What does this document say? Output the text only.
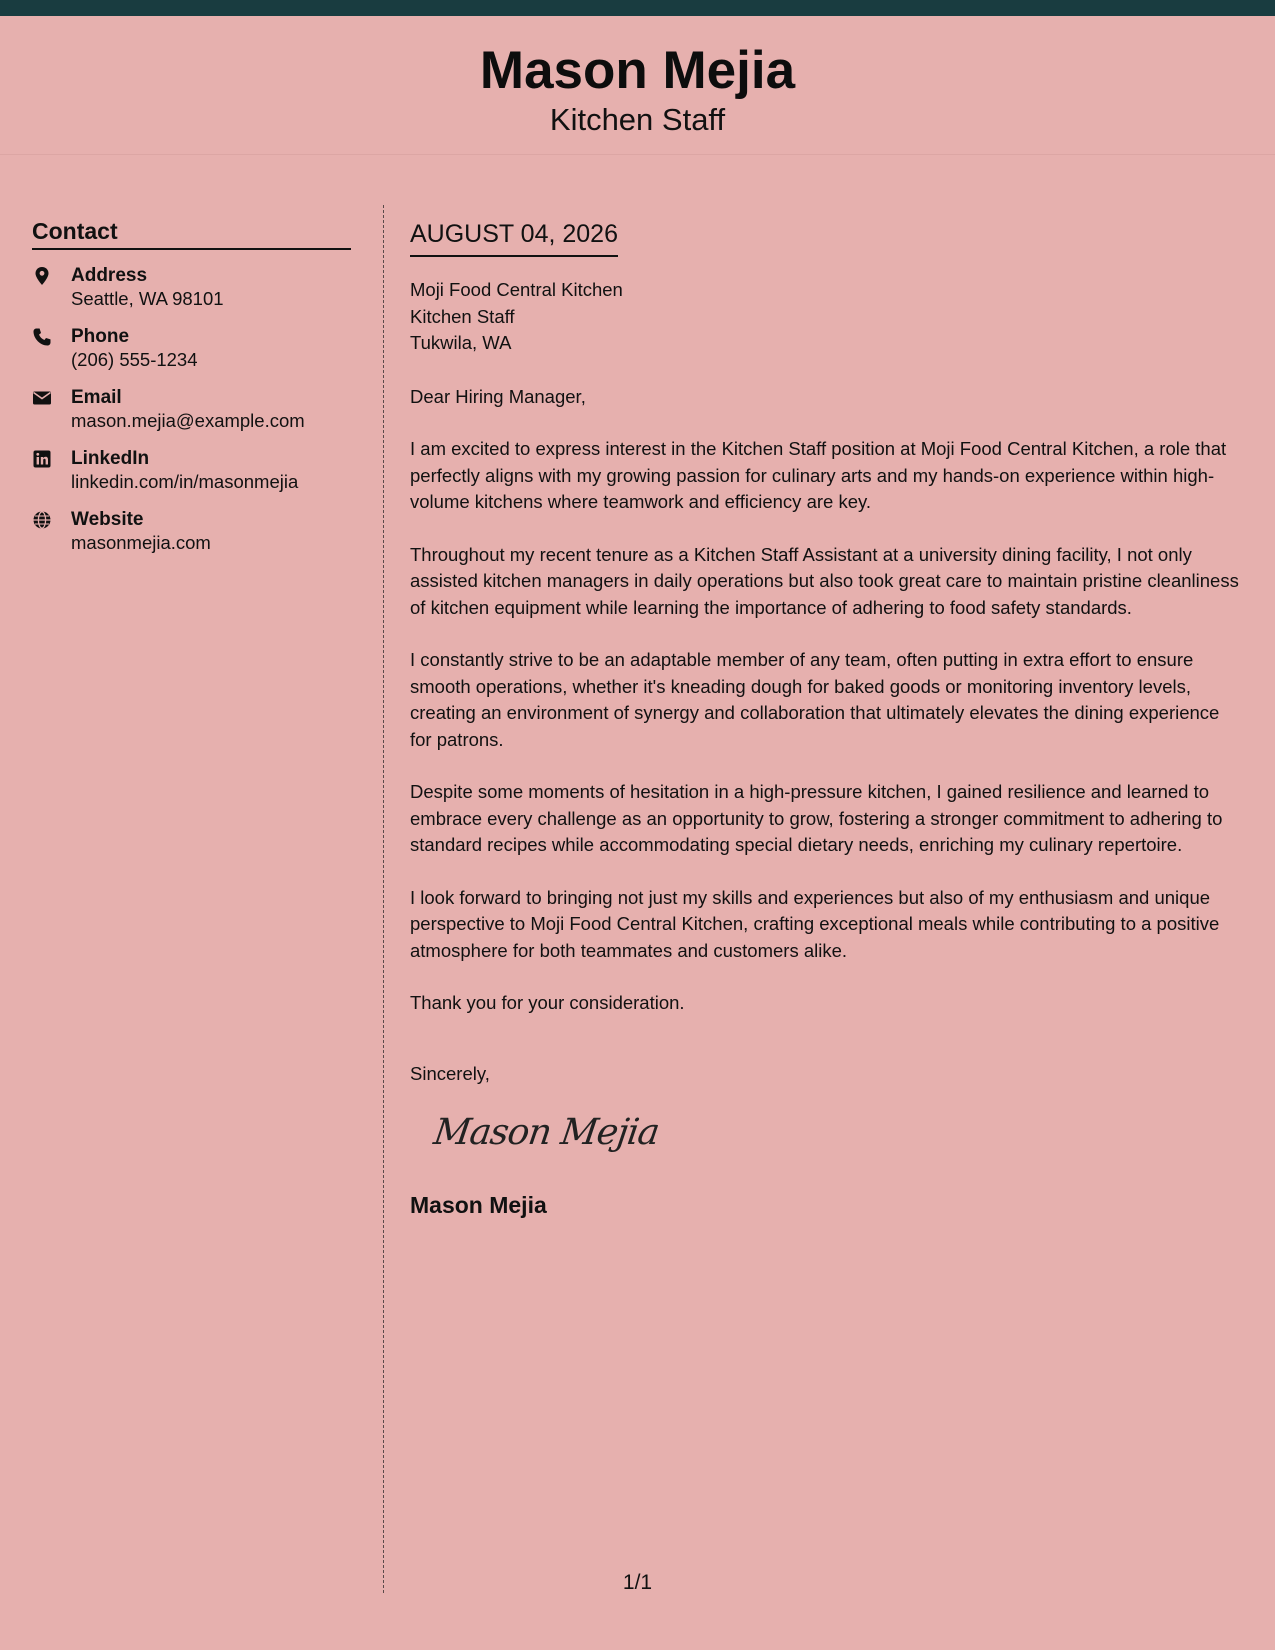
Mason Mejia
Kitchen Staff
Contact
Address
Seattle, WA 98101
Phone
(206) 555-1234
Email
mason.mejia@example.com
LinkedIn
linkedin.com/in/masonmejia
Website
masonmejia.com
AUGUST 04, 2026
Moji Food Central Kitchen
Kitchen Staff
Tukwila, WA

Dear Hiring Manager,

I am excited to express interest in the Kitchen Staff position at Moji Food Central Kitchen, a role that perfectly aligns with my growing passion for culinary arts and my hands-on experience within high-volume kitchens where teamwork and efficiency are key.

Throughout my recent tenure as a Kitchen Staff Assistant at a university dining facility, I not only assisted kitchen managers in daily operations but also took great care to maintain pristine cleanliness of kitchen equipment while learning the importance of adhering to food safety standards.

I constantly strive to be an adaptable member of any team, often putting in extra effort to ensure smooth operations, whether it's kneading dough for baked goods or monitoring inventory levels, creating an environment of synergy and collaboration that ultimately elevates the dining experience for patrons.

Despite some moments of hesitation in a high-pressure kitchen, I gained resilience and learned to embrace every challenge as an opportunity to grow, fostering a stronger commitment to adhering to standard recipes while accommodating special dietary needs, enriching my culinary repertoire.

I look forward to bringing not just my skills and experiences but also of my enthusiasm and unique perspective to Moji Food Central Kitchen, crafting exceptional meals while contributing to a positive atmosphere for both teammates and customers alike.

Thank you for your consideration.

Sincerely,
Mason Mejia
Mason Mejia
1/1
